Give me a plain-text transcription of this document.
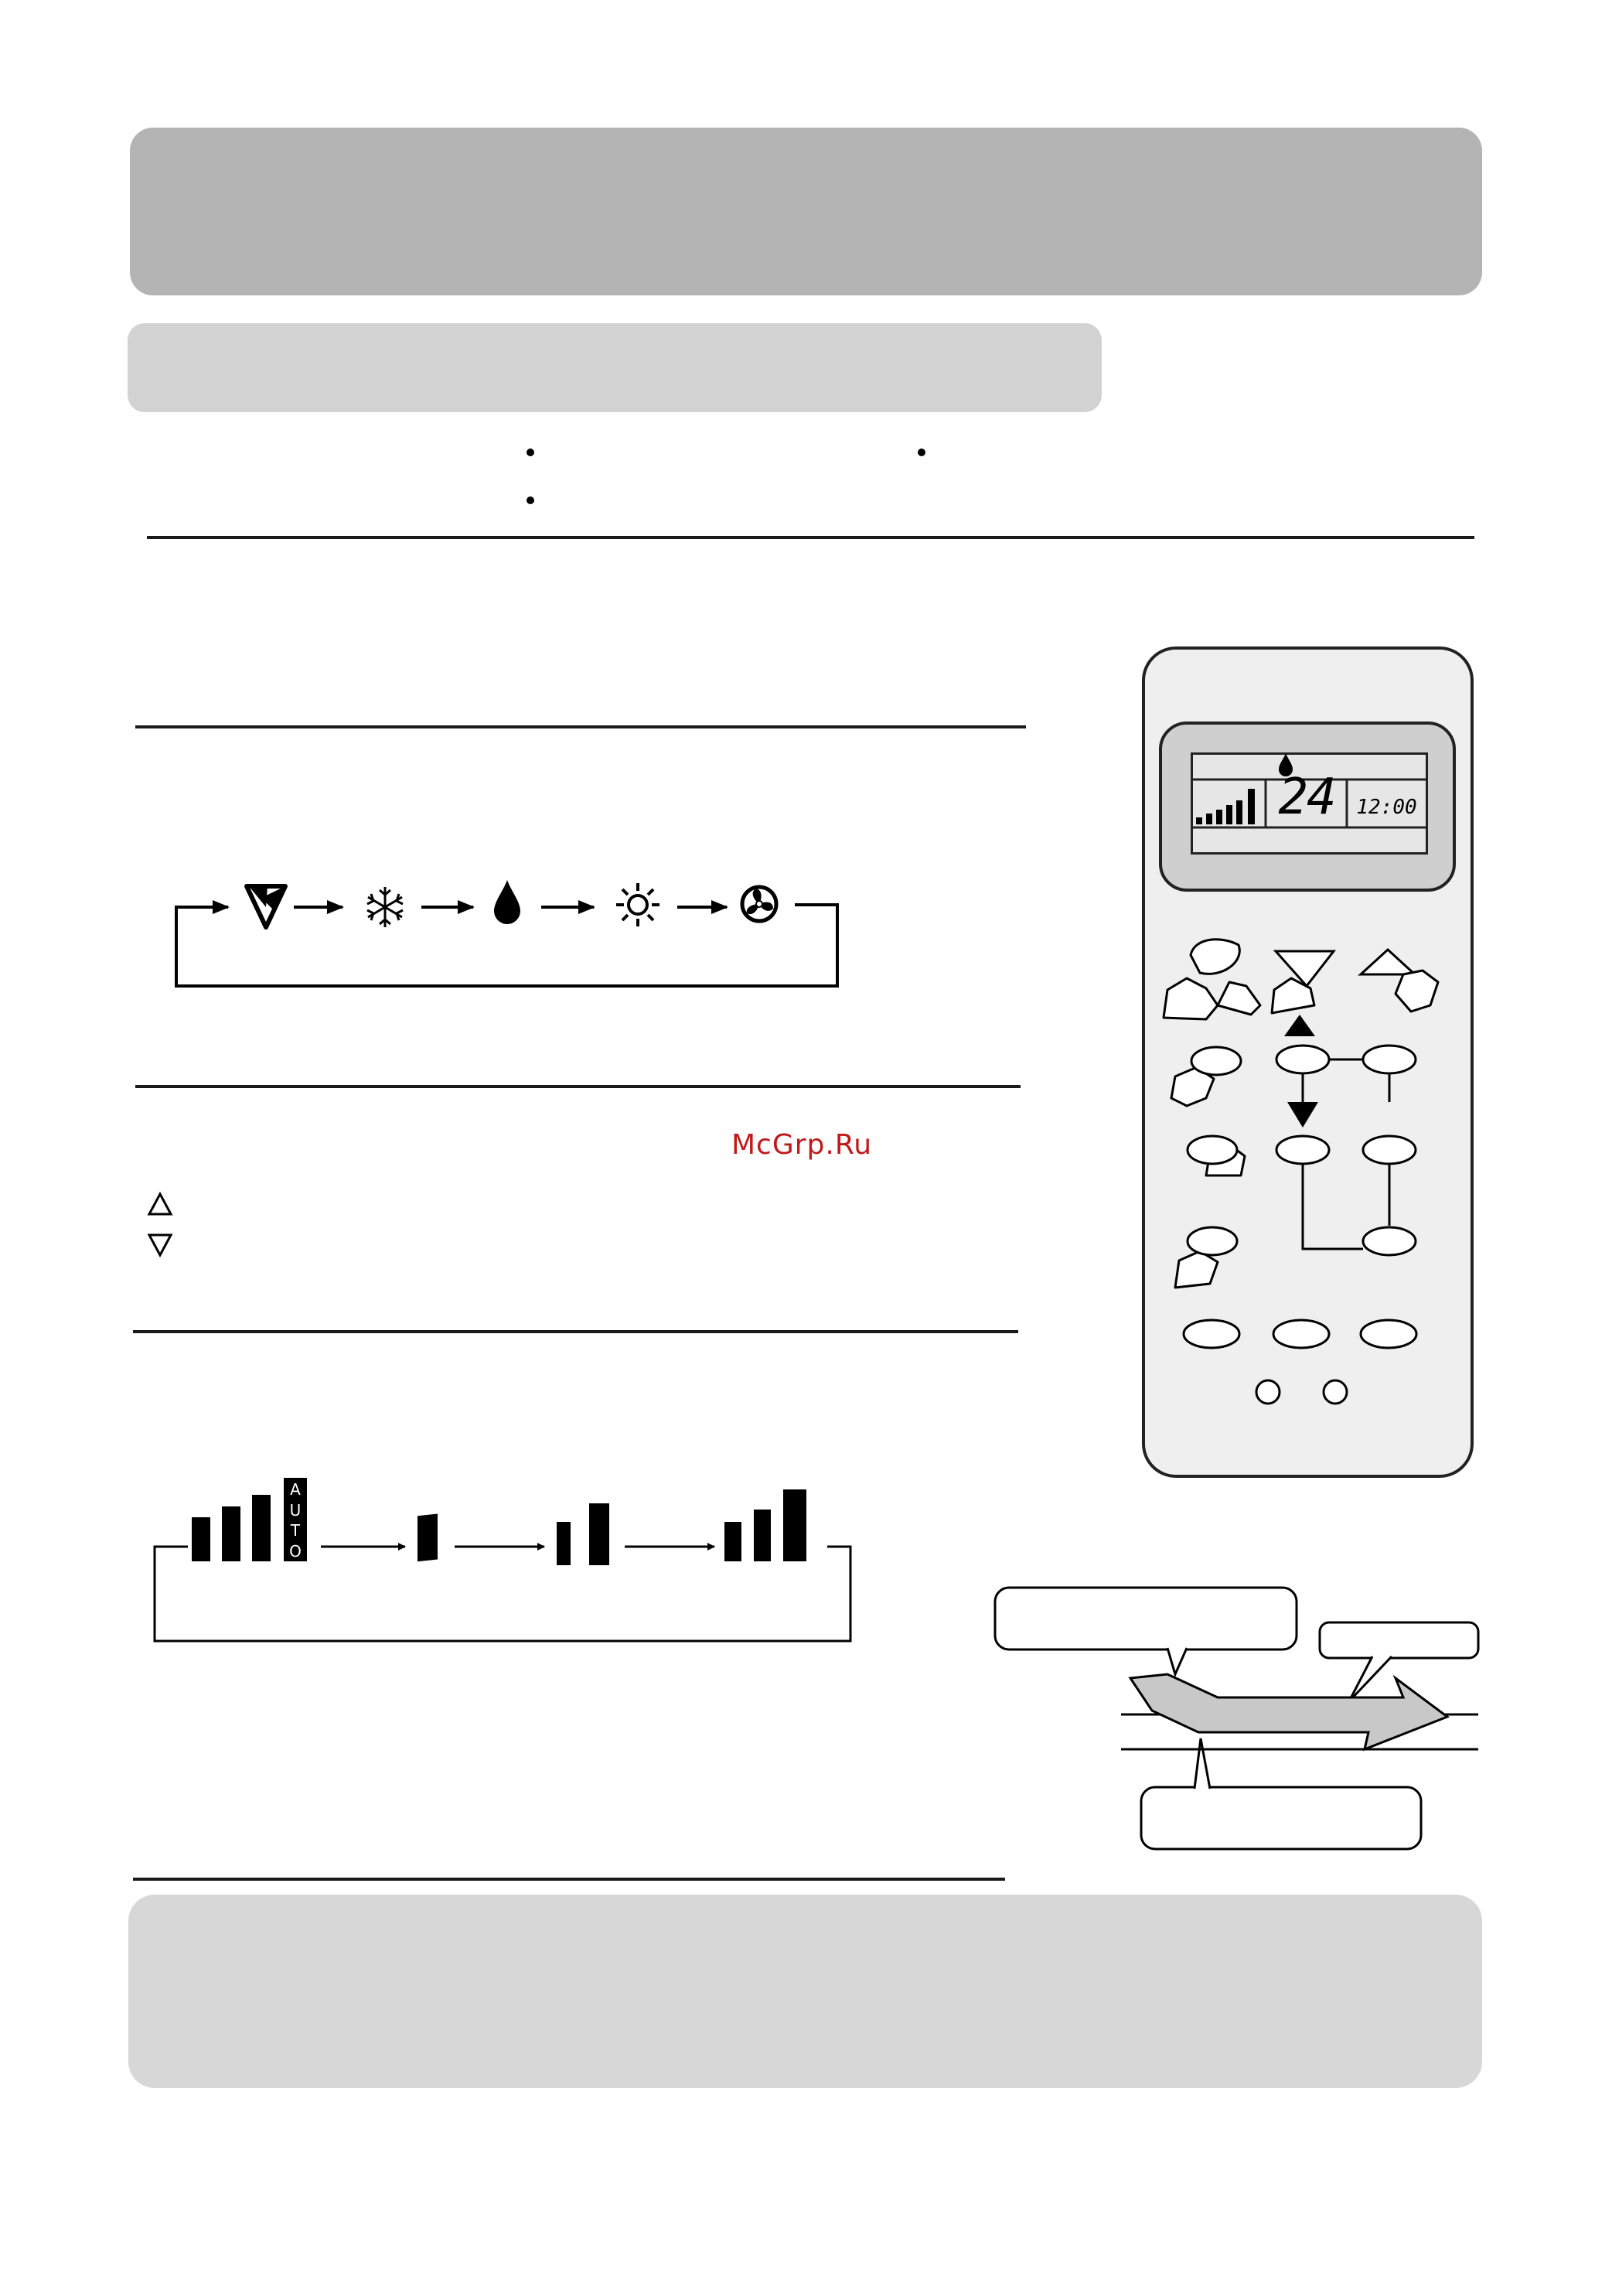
McGrp.Ru
A
U
T
O
24	12:00
